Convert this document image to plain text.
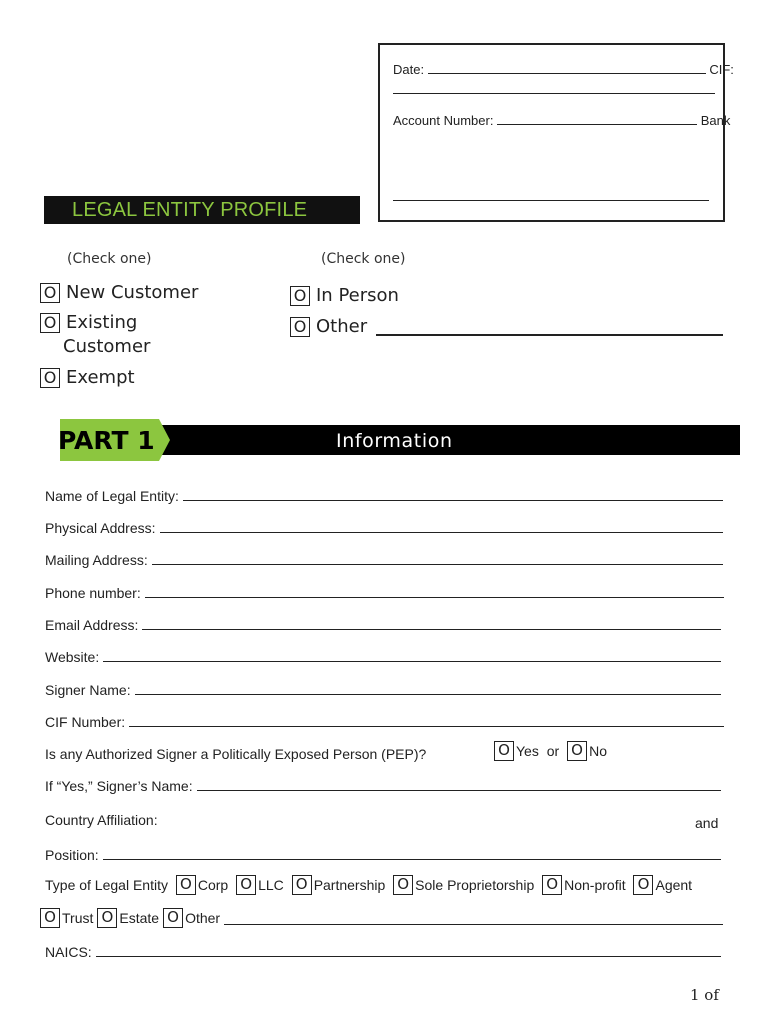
Date:	CIF:
Account Number:	Bank
LEGAL ENTITY PROFILE
(Check one)	(Check one)
O New Customer
O Existing
Customer
O Exempt
O In Person
O Other
PART 1	Information
Name of Legal Entity:
Physical Address:
Mailing Address:
Phone number:
Email Address:
Website:
Signer Name:
CIF Number:
Is any Authorized Signer a Politically Exposed Person (PEP)?	O Yes or O No
If “Yes,” Signer’s Name:
Country Affiliation:	and
Position:
Type of Legal Entity O Corp O LLC O Partnership O Sole Proprietorship O Non-profit O Agent
O Trust O Estate O Other
NAICS:
1 of
